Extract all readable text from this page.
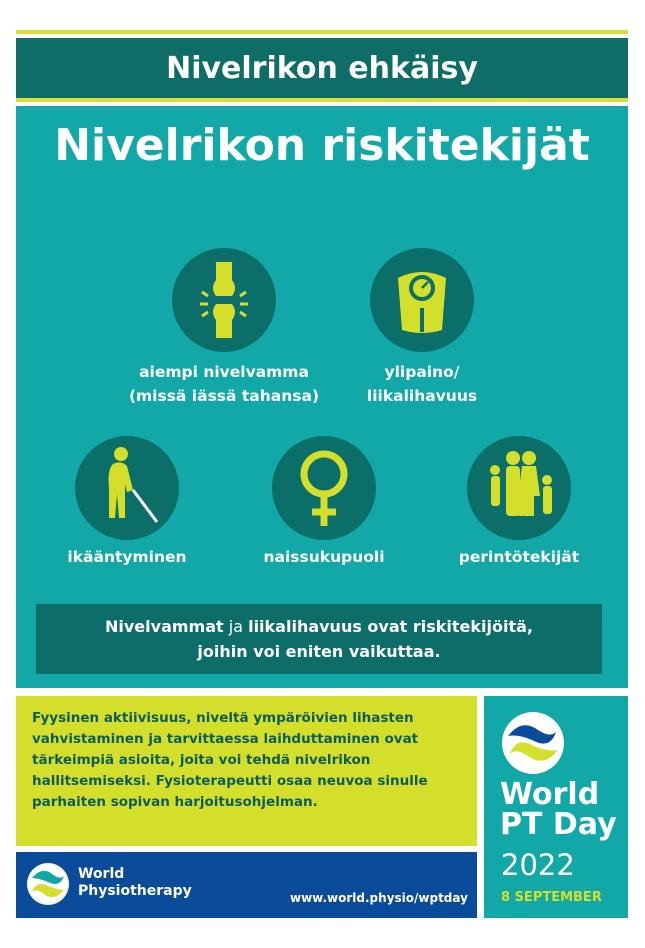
Nivelrikon ehkäisy
Nivelrikon riskitekijät
aiempi nivelvamma
(missä iässä tahansa)
ylipaino/
liikalihavuus
ikääntyminen	naissukupuoli	perintötekijät
Nivelvammat ja liikalihavuus ovat riskitekijöitä,
joihin voi eniten vaikuttaa.
Fyysinen aktiivisuus, niveltä ympäröivien lihasten vahvistaminen ja tarvittaessa laihduttaminen ovat tärkeimpiä asioita, joita voi tehdä nivelrikon hallitsemiseksi. Fysioterapeutti osaa neuvoa sinulle parhaiten sopivan harjoitusohjelman.
World
Physiotherapy	www.world.physio/wptday
World
PT Day
2022
8 SEPTEMBER
